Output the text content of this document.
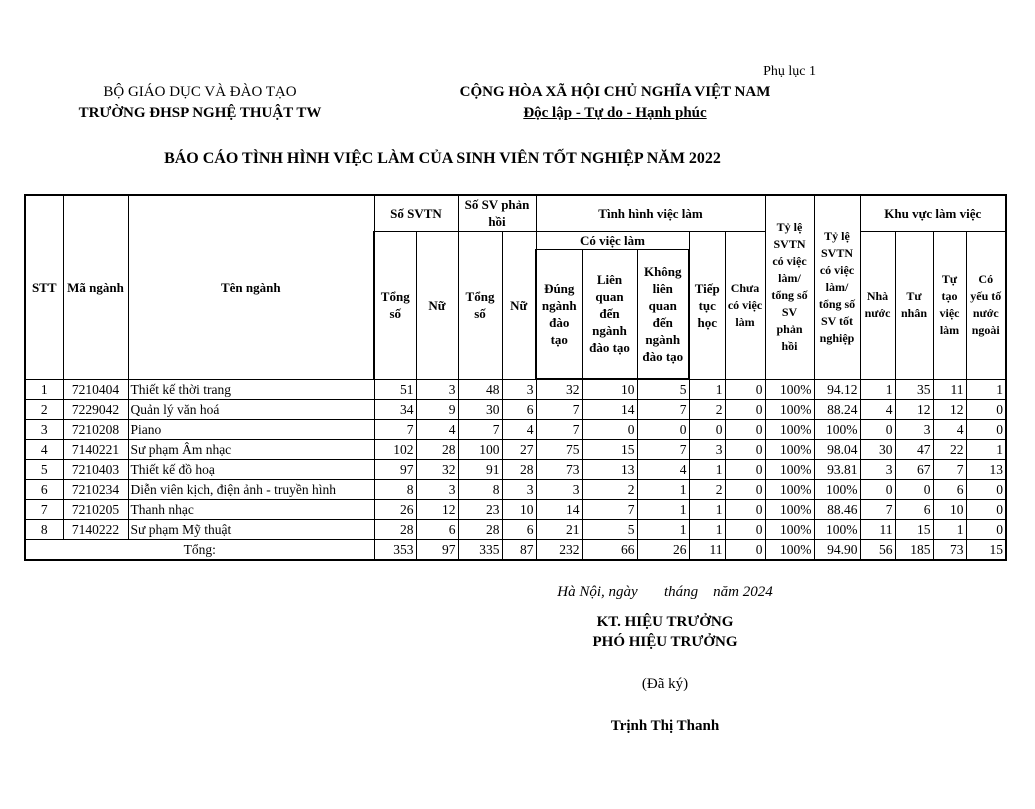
Phụ lục 1
BỘ GIÁO DỤC VÀ ĐÀO TẠO
TRƯỜNG ĐHSP NGHỆ THUẬT TW
CỘNG HÒA XÃ HỘI CHỦ NGHĨA VIỆT NAM
Độc lập - Tự do - Hạnh phúc
BÁO CÁO TÌNH HÌNH VIỆC LÀM CỦA SINH VIÊN TỐT NGHIỆP NĂM 2022
STT	Mã ngành	Tên ngành	Số SVTN		Số SV phản hồi		Tình hình việc làm					Tỷ lệ SVTN có việc làm/ tổng số SV phản hồi	Tỷ lệ SVTN có việc làm/ tổng số SV tốt nghiệp	Khu vực làm việc			
			Tổng số	Nữ	Tổng số	Nữ	Có việc làm			Tiếp tục học	Chưa có việc làm			Nhà nước	Tư nhân	Tự tạo việc làm	Có yếu tố nước ngoài
							Đúng ngành đào tạo	Liên quan đến ngành đào tạo	Không liên quan đến ngành đào tạo								
1	7210404	Thiết kế thời trang	51	3	48	3	32	10	5	1	0	100%	94.12	1	35	11	1
2	7229042	Quản lý văn hoá	34	9	30	6	7	14	7	2	0	100%	88.24	4	12	12	0
3	7210208	Piano	7	4	7	4	7	0	0	0	0	100%	100%	0	3	4	0
4	7140221	Sư phạm Âm nhạc	102	28	100	27	75	15	7	3	0	100%	98.04	30	47	22	1
5	7210403	Thiết kế đồ hoạ	97	32	91	28	73	13	4	1	0	100%	93.81	3	67	7	13
6	7210234	Diễn viên kịch, điện ảnh - truyền hình	8	3	8	3	3	2	1	2	0	100%	100%	0	0	6	0
7	7210205	Thanh nhạc	26	12	23	10	14	7	1	1	0	100%	88.46	7	6	10	0
8	7140222	Sư phạm Mỹ thuật	28	6	28	6	21	5	1	1	0	100%	100%	11	15	1	0
Tổng:			353	97	335	87	232	66	26	11	0	100%	94.90	56	185	73	15
Hà Nội, ngày       tháng    năm 2024
KT. HIỆU TRƯỞNG
PHÓ HIỆU TRƯỞNG
(Đã ký)
Trịnh Thị Thanh
